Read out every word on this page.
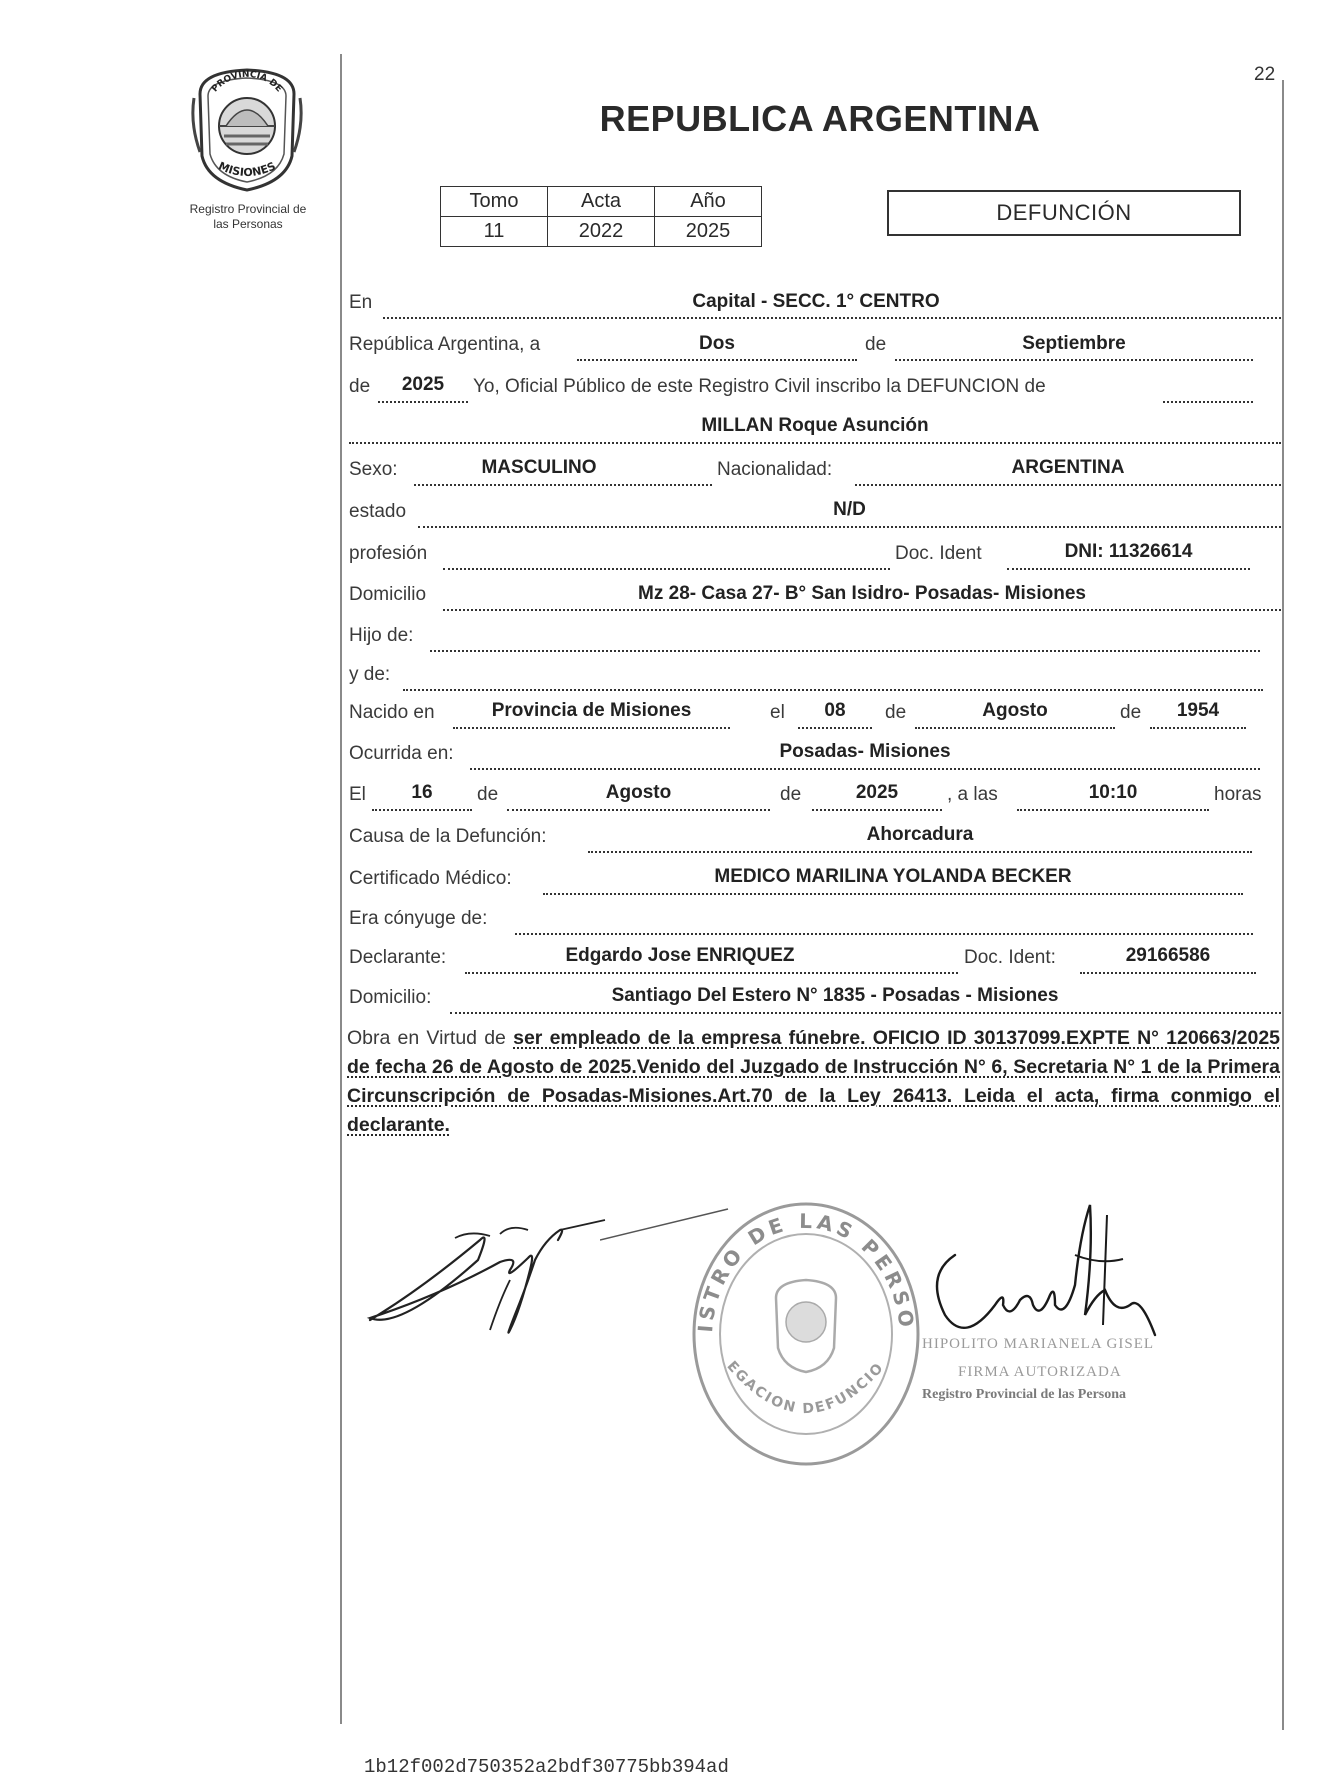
PROVINCIA DE
MISIONES
Registro Provincial de
las Personas
22
REPUBLICA ARGENTINA
Tomo	Acta	Año
11	2022	2025
DEFUNCIÓN
En	Capital - SECC. 1° CENTRO
República Argentina, a	Dos	de	Septiembre
de	2025	Yo, Oficial Público de este Registro Civil inscribo la DEFUNCION de
MILLAN Roque Asunción
Sexo:	MASCULINO	Nacionalidad:	ARGENTINA
estado	N/D
profesión	Doc. Ident	DNI: 11326614
Domicilio	Mz 28- Casa 27- B° San Isidro- Posadas- Misiones
Hijo de:
y de:
Nacido en	Provincia de Misiones	el	08	de	Agosto	de	1954
Ocurrida en:	Posadas- Misiones
El	16	de	Agosto	de	2025	, a las	10:10	horas
Causa de la Defunción:	Ahorcadura
Certificado Médico:	MEDICO MARILINA YOLANDA BECKER
Era cónyuge de:
Declarante:	Edgardo Jose ENRIQUEZ	Doc. Ident:	29166586
Domicilio:	Santiago Del Estero N° 1835 - Posadas - Misiones
Obra en Virtud de ser empleado de la empresa fúnebre. OFICIO ID 30137099.EXPTE N° 120663/2025 de fecha 26 de Agosto de 2025.Venido del Juzgado de Instrucción N° 6, Secretaria N° 1 de la Primera Circunscripción de Posadas-Misiones.Art.70 de la Ley 26413. Leida el acta, firma conmigo el declarante.
ISTRO DE LAS PERSO
EGACION DEFUNCIO
HIPOLITO MARIANELA GISEL
FIRMA AUTORIZADA
Registro Provincial de las Persona
1b12f002d750352a2bdf30775bb394ad
